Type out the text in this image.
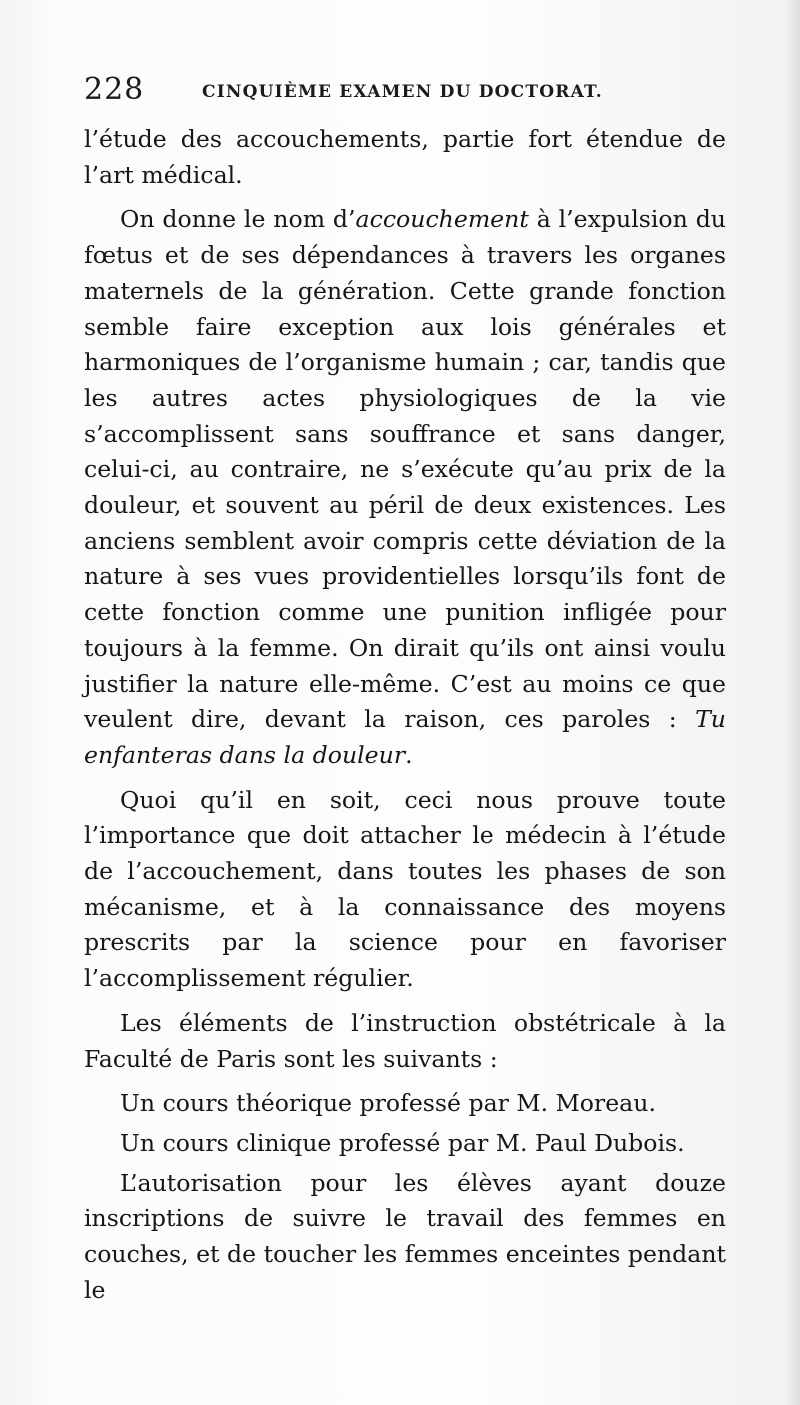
228	CINQUIÈME EXAMEN DU DOCTORAT.

l’étude des accouchements, partie fort étendue de l’art médical.

On donne le nom d’accouchement à l’expulsion du fœtus et de ses dépendances à travers les organes maternels de la génération. Cette grande fonction semble faire exception aux lois générales et harmoniques de l’organisme humain ; car, tandis que les autres actes physiologiques de la vie s’accomplissent sans souffrance et sans danger, celui-ci, au contraire, ne s’exécute qu’au prix de la douleur, et souvent au péril de deux existences. Les anciens semblent avoir compris cette déviation de la nature à ses vues providentielles lorsqu’ils font de cette fonction comme une punition infligée pour toujours à la femme. On dirait qu’ils ont ainsi voulu justifier la nature elle-même. C’est au moins ce que veulent dire, devant la raison, ces paroles : Tu enfanteras dans la douleur.

Quoi qu’il en soit, ceci nous prouve toute l’importance que doit attacher le médecin à l’étude de l’accouchement, dans toutes les phases de son mécanisme, et à la connaissance des moyens prescrits par la science pour en favoriser l’accomplissement régulier.

Les éléments de l’instruction obstétricale à la Faculté de Paris sont les suivants :

Un cours théorique professé par M. Moreau.

Un cours clinique professé par M. Paul Dubois.

L’autorisation pour les élèves ayant douze inscriptions de suivre le travail des femmes en couches, et de toucher les femmes enceintes pendant le
